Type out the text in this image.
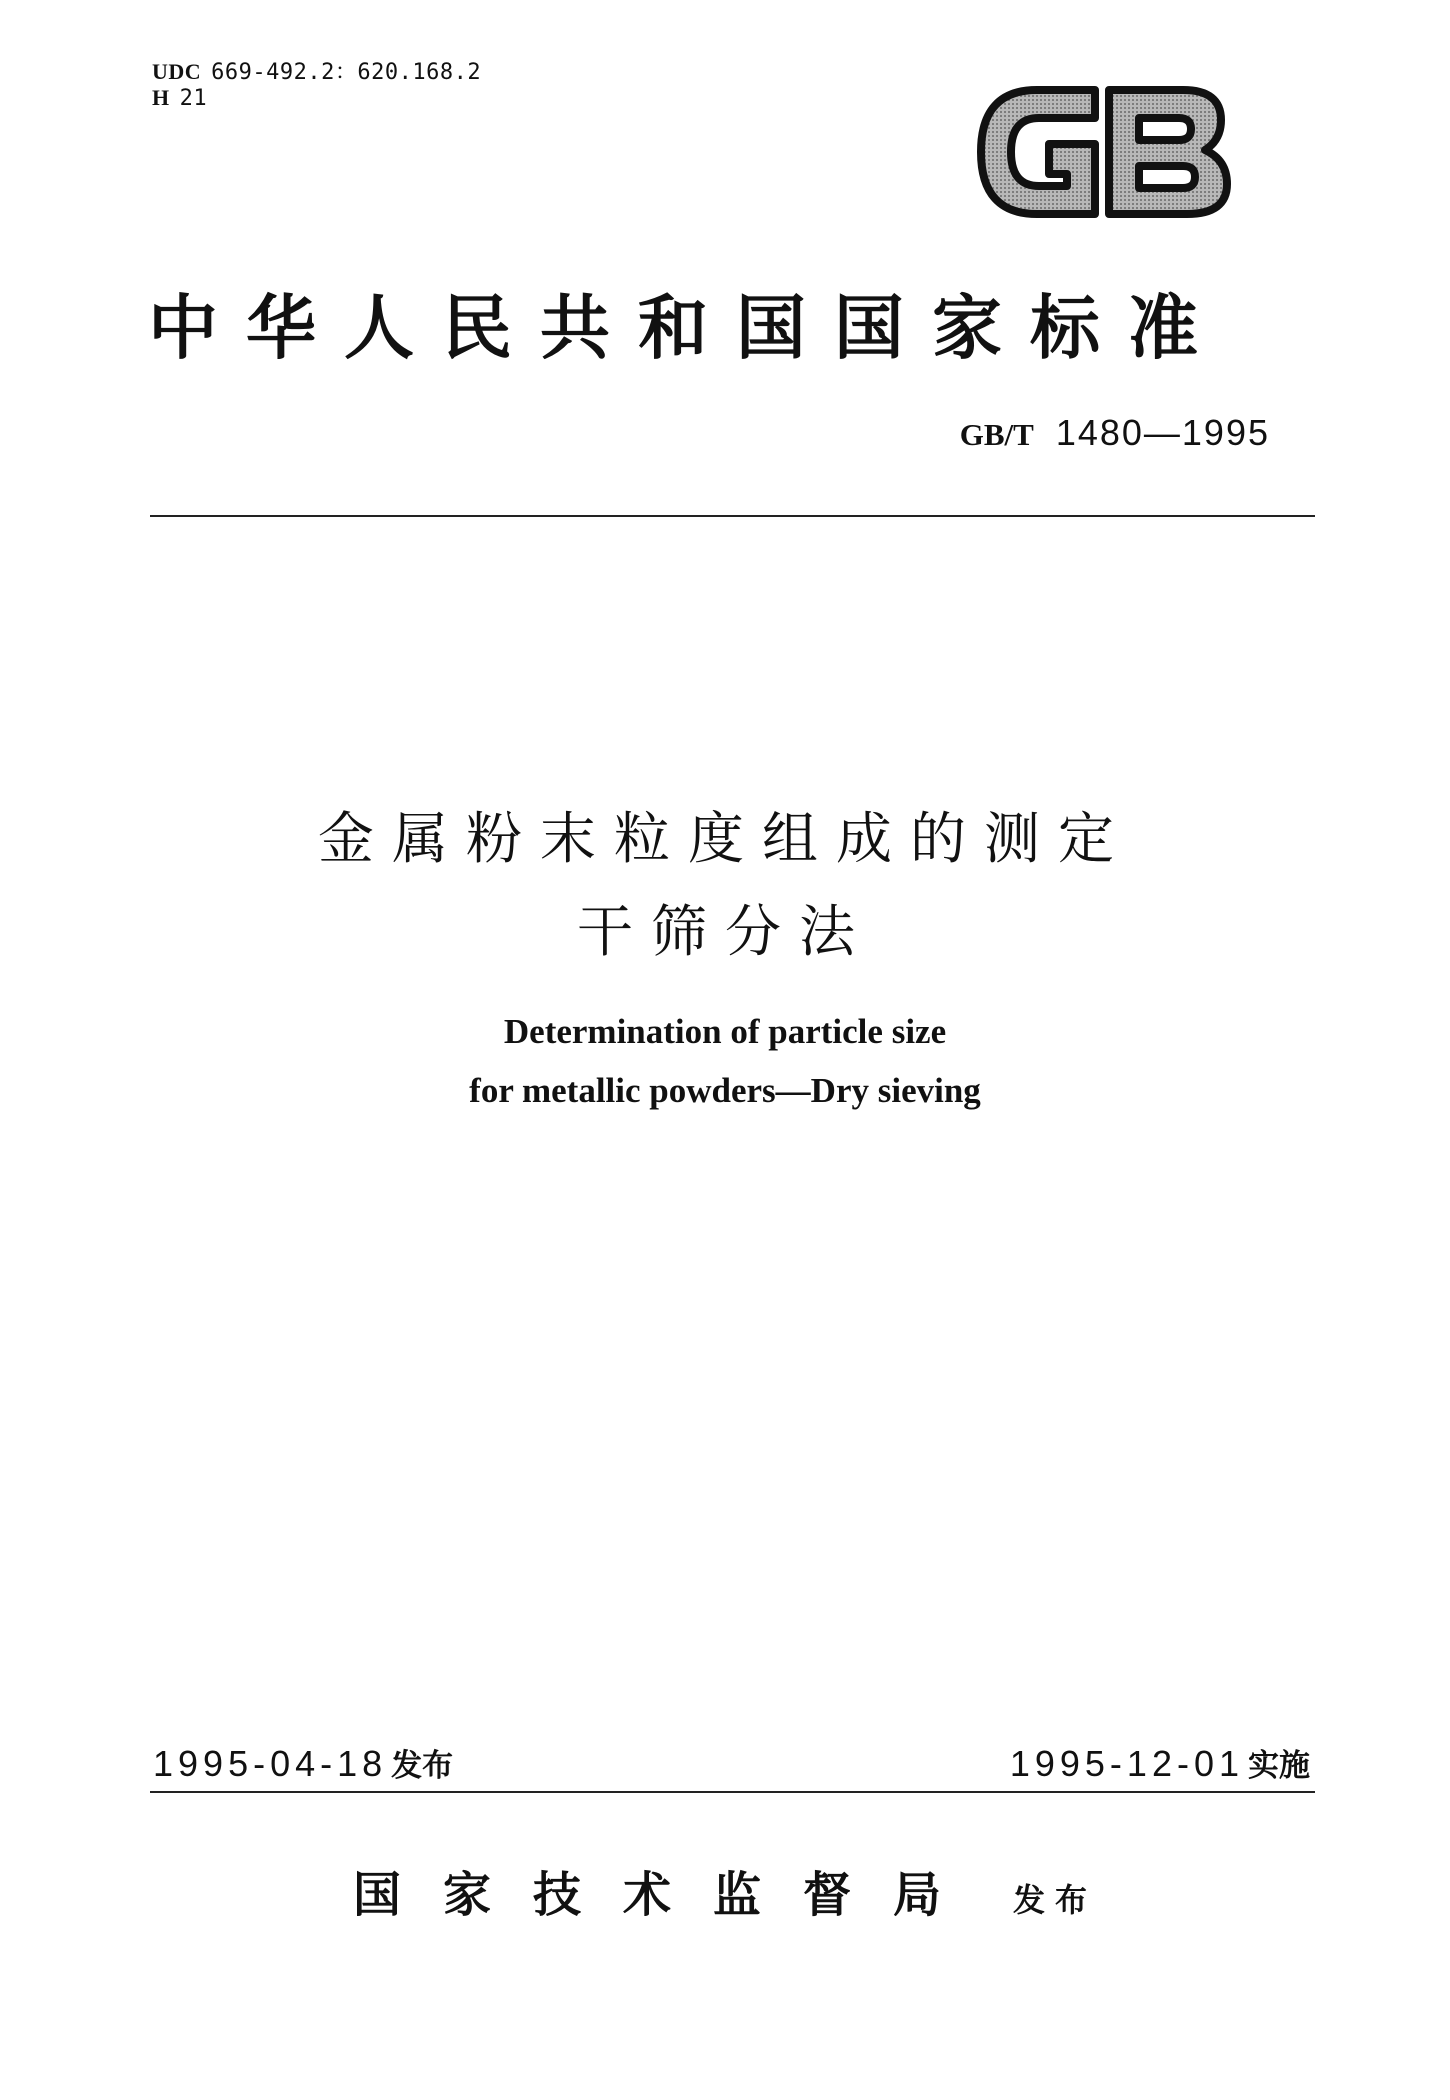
UDC 669-492.2：620.168.2
H 21
中华人民共和国国家标准
GB/T 1480—1995
金属粉末粒度组成的测定
干筛分法
Determination of particle size
for metallic powders—Dry sieving
1995-04-18 发布	1995-12-01 实施
国家技术监督局 发布
